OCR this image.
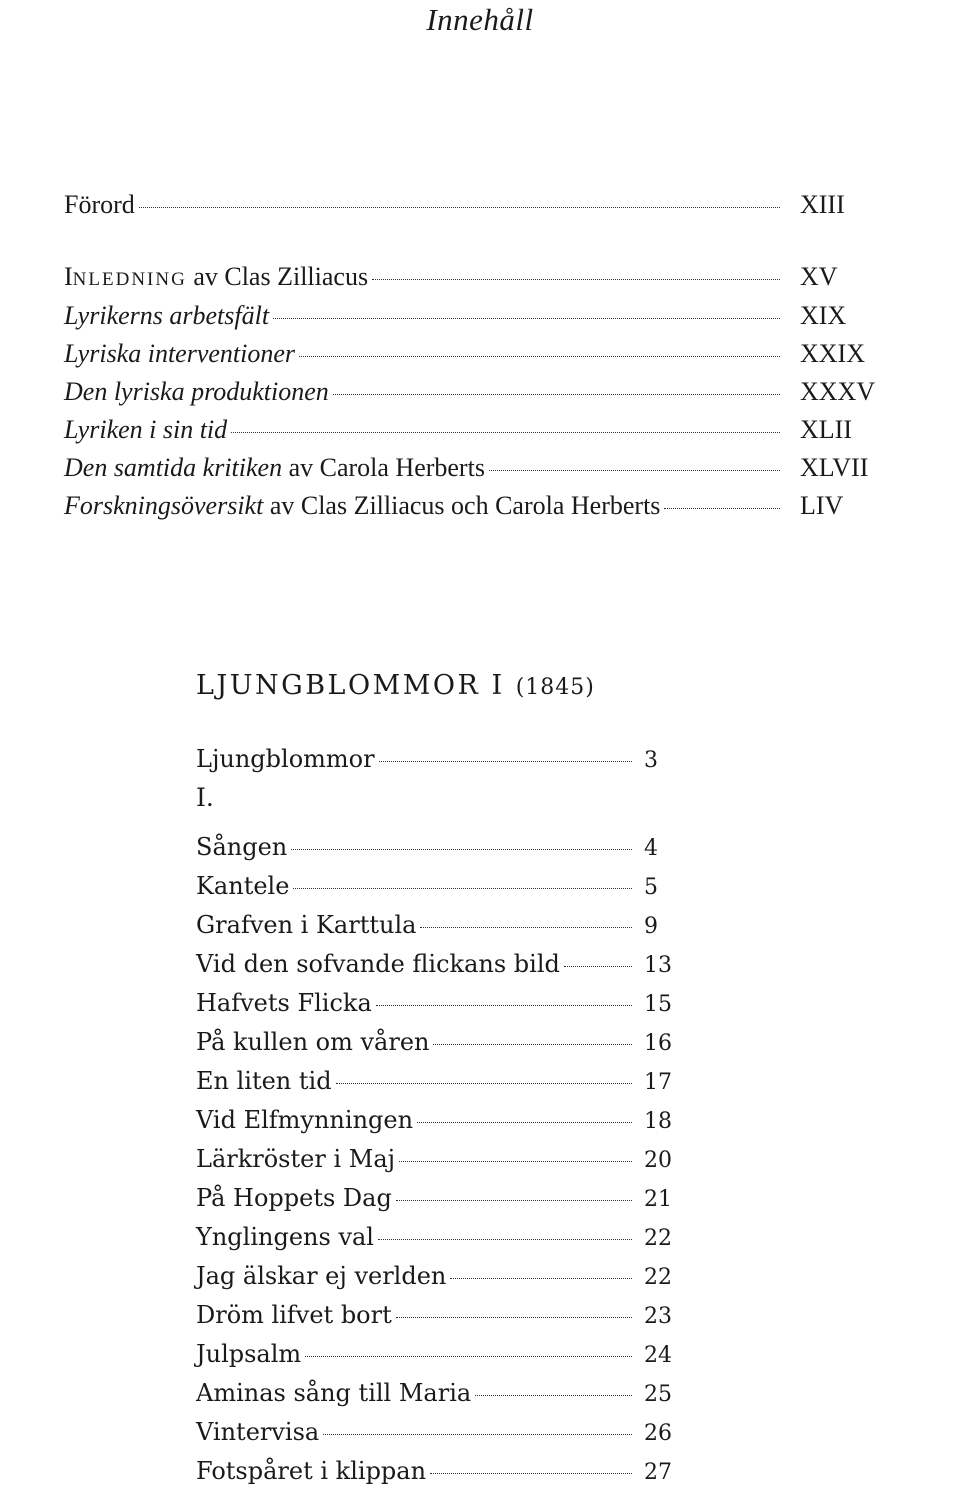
Innehåll
Förord	XIII
INLEDNING av Clas Zilliacus	XV
Lyrikerns arbetsfält	XIX
Lyriska interventioner	XXIX
Den lyriska produktionen	XXXV
Lyriken i sin tid	XLII
Den samtida kritiken av Carola Herberts	XLVII
Forskningsöversikt av Clas Zilliacus och Carola Herberts	LIV
LJUNGBLOMMOR I (1845)
I.
Ljungblommor	3
Sången	4
Kantele	5
Grafven i Karttula	9
Vid den sofvande flickans bild	13
Hafvets Flicka	15
På kullen om våren	16
En liten tid	17
Vid Elfmynningen	18
Lärkröster i Maj	20
På Hoppets Dag	21
Ynglingens val	22
Jag älskar ej verlden	22
Dröm lifvet bort	23
Julpsalm	24
Aminas sång till Maria	25
Vintervisa	26
Fotspåret i klippan	27
